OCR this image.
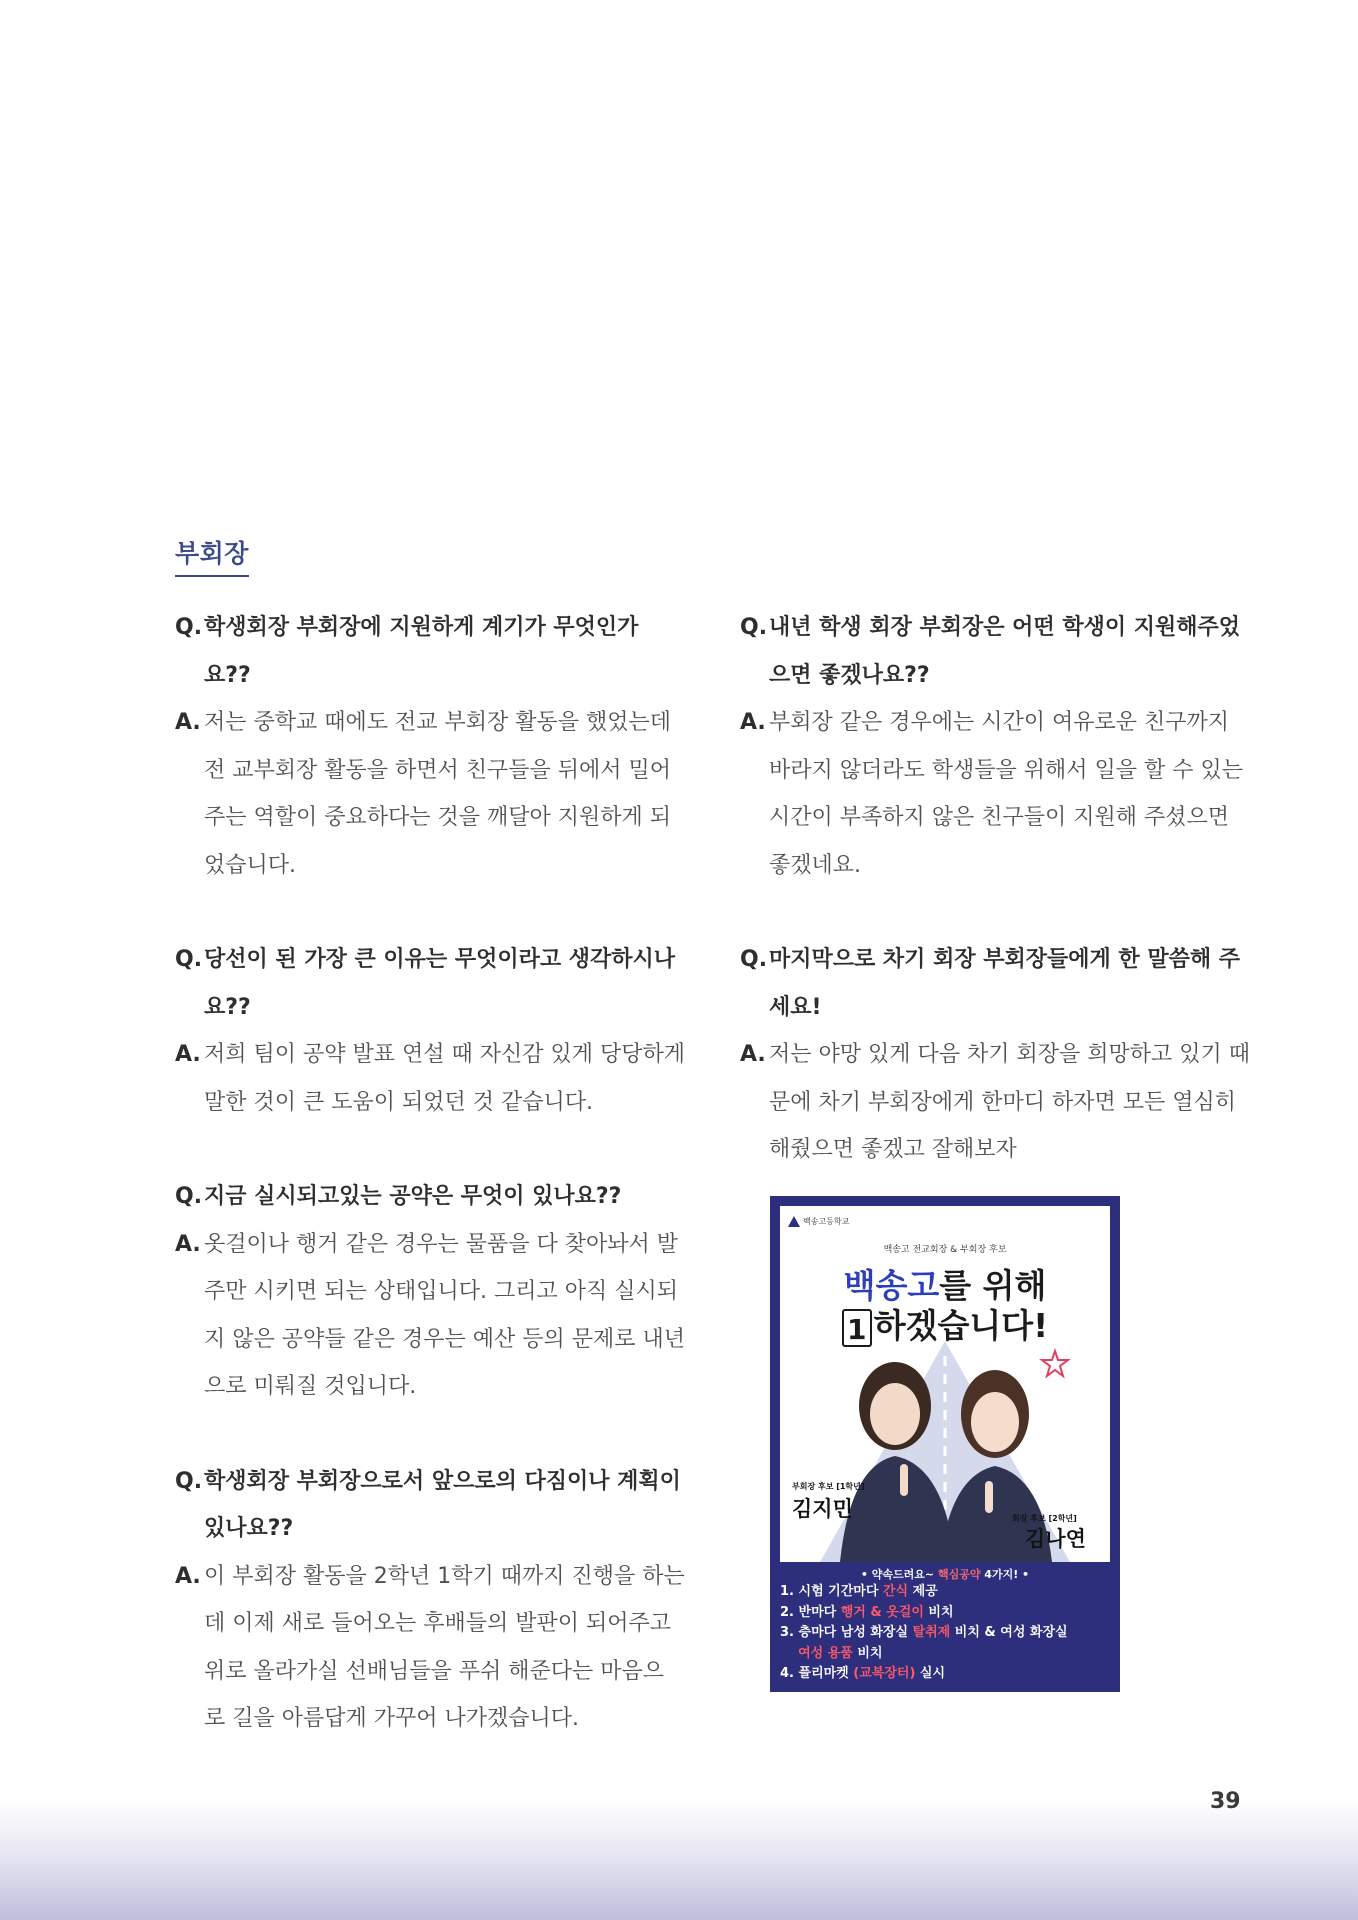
부회장
Q. 학생회장 부회장에 지원하게 계기가 무엇인가요??
A. 저는 중학교 때에도 전교 부회장 활동을 했었는데 전 교부회장 활동을 하면서 친구들을 뒤에서 밀어주는 역할이 중요하다는 것을 깨달아 지원하게 되었습니다.
Q. 당선이 된 가장 큰 이유는 무엇이라고 생각하시나요??
A. 저희 팀이 공약 발표 연설 때 자신감 있게 당당하게 말한 것이 큰 도움이 되었던 것 같습니다.
Q. 지금 실시되고있는 공약은 무엇이 있나요??
A. 옷걸이나 행거 같은 경우는 물품을 다 찾아놔서 발주만 시키면 되는 상태입니다. 그리고 아직 실시되지 않은 공약들 같은 경우는 예산 등의 문제로 내년으로 미뤄질 것입니다.
Q. 학생회장 부회장으로서 앞으로의 다짐이나 계획이있나요??
A. 이 부회장 활동을 2학년 1학기 때까지 진행을 하는데 이제 새로 들어오는 후배들의 발판이 되어주고 위로 올라가실 선배님들을 푸쉬 해준다는 마음으로 길을 아름답게 가꾸어 나가겠습니다.
Q. 내년 학생 회장 부회장은 어떤 학생이 지원해주었으면 좋겠나요??
A. 부회장 같은 경우에는 시간이 여유로운 친구까지 바라지 않더라도 학생들을 위해서 일을 할 수 있는 시간이 부족하지 않은 친구들이 지원해 주셨으면 좋겠네요.
Q. 마지막으로 차기 회장 부회장들에게 한 말씀해 주세요!
A. 저는 야망 있게 다음 차기 회장을 희망하고 있기 때문에 차기 부회장에게 한마디 하자면 모든 열심히 해줬으면 좋겠고 잘해보자
백송고등학교
백송고 전교회장 & 부회장 후보
백송고를 위해
1 하겠습니다!
부회장 후보 [1학년]
김지민	회장 후보 [2학년]
김나연
• 약속드려요~ 핵심공약 4가지! •
1. 시험 기간마다 간식 제공
2. 반마다 행거 & 옷걸이 비치
3. 층마다 남성 화장실 탈취제 비치 & 여성 화장실
여성 용품 비치
4. 플리마켓 (교복장터) 실시
39
